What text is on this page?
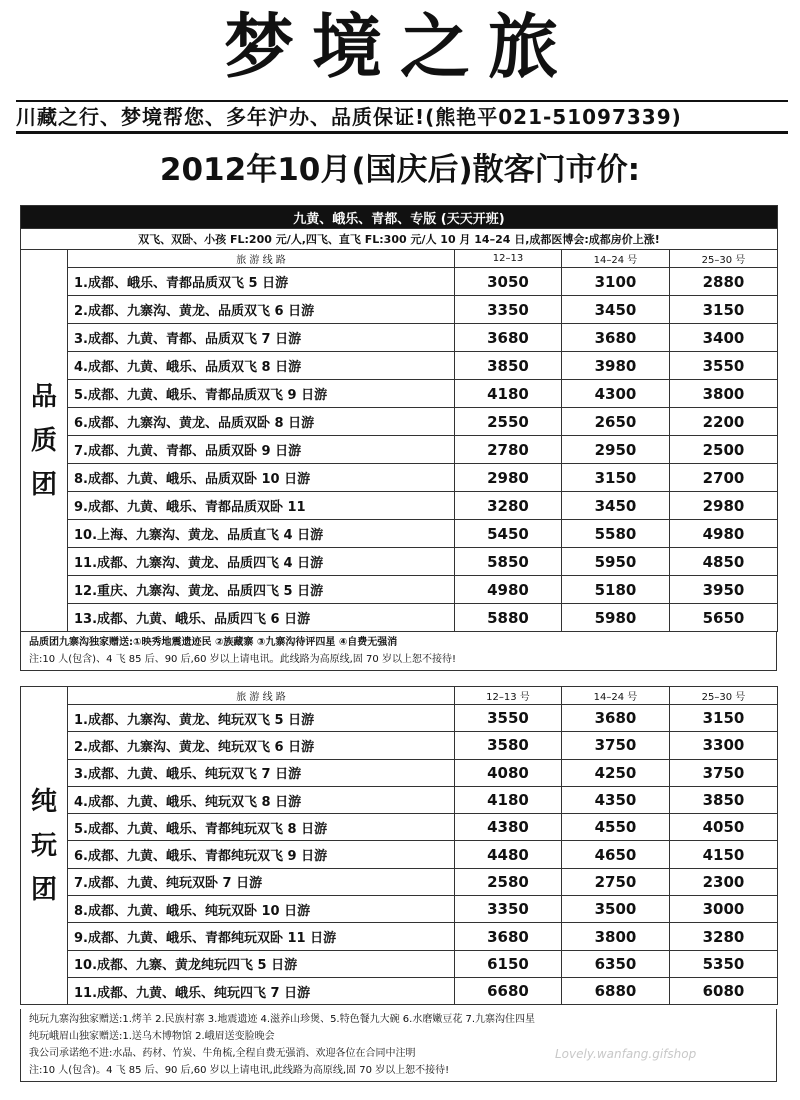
梦境之旅
川藏之行、梦境帮您、多年沪办、品质保证!(熊艳平021-51097339)
2012年10月(国庆后)散客门市价:
九黄、峨乐、青都、专版 (天天开班)				
双飞、双卧、小孩 FL:200 元/人,四飞、直飞 FL:300 元/人 10 月 14–24 日,成都医博会:成都房价上涨!				

品
质
团	旅 游 线 路	12–13	14–24 号	25–30 号
	1.成都、峨乐、青都品质双飞 5 日游	3050	3100	2880
	2.成都、九寨沟、黄龙、品质双飞 6 日游	3350	3450	3150
	3.成都、九黄、青都、品质双飞 7 日游	3680	3680	3400
	4.成都、九黄、峨乐、品质双飞 8 日游	3850	3980	3550
	5.成都、九黄、峨乐、青都品质双飞 9 日游	4180	4300	3800
	6.成都、九寨沟、黄龙、品质双卧 8 日游	2550	2650	2200
	7.成都、九黄、青都、品质双卧 9 日游	2780	2950	2500
	8.成都、九黄、峨乐、品质双卧 10 日游	2980	3150	2700
	9.成都、九黄、峨乐、青都品质双卧 11	3280	3450	2980
	10.上海、九寨沟、黄龙、品质直飞 4 日游	5450	5580	4980
	11.成都、九寨沟、黄龙、品质四飞 4 日游	5850	5950	4850
	12.重庆、九寨沟、黄龙、品质四飞 5 日游	4980	5180	3950
	13.成都、九黄、峨乐、品质四飞 6 日游	5880	5980	5650
品质团九寨沟独家赠送:①映秀地震遗迹民 ②族藏寨 ③九寨沟待评四星 ④自费无强消
注:10 人(包含)、4 飞 85 后、90 后,60 岁以上请电讯。此线路为高原线,固 70 岁以上恕不接待!
纯
玩
团	旅 游 线 路	12–13 号	14–24 号	25–30 号
	1.成都、九寨沟、黄龙、纯玩双飞 5 日游	3550	3680	3150
	2.成都、九寨沟、黄龙、纯玩双飞 6 日游	3580	3750	3300
	3.成都、九黄、峨乐、纯玩双飞 7 日游	4080	4250	3750
	4.成都、九黄、峨乐、纯玩双飞 8 日游	4180	4350	3850
	5.成都、九黄、峨乐、青都纯玩双飞 8 日游	4380	4550	4050
	6.成都、九黄、峨乐、青都纯玩双飞 9 日游	4480	4650	4150
	7.成都、九黄、纯玩双卧 7 日游	2580	2750	2300
	8.成都、九黄、峨乐、纯玩双卧 10 日游	3350	3500	3000
	9.成都、九黄、峨乐、青都纯玩双卧 11 日游	3680	3800	3280
	10.成都、九寨、黄龙纯玩四飞 5 日游	6150	6350	5350
	11.成都、九黄、峨乐、纯玩四飞 7 日游	6680	6880	6080
纯玩九寨沟独家赠送:1.烤羊 2.民族村寨 3.地震遗迹 4.滋养山珍煲、5.特色餐九大碗 6.水磨嫩豆花 7.九寨沟住四星
纯玩峨眉山独家赠送:1.送乌木博物馆 2.峨眉送变脸晚会
我公司承诺绝不进:水晶、药材、竹炭、牛角梳,全程自费无强消、欢迎各位在合同中注明
注:10 人(包含)。4 飞 85 后、90 后,60 岁以上请电讯,此线路为高原线,固 70 岁以上恕不接待!
Lovely.wanfang.gifshop
